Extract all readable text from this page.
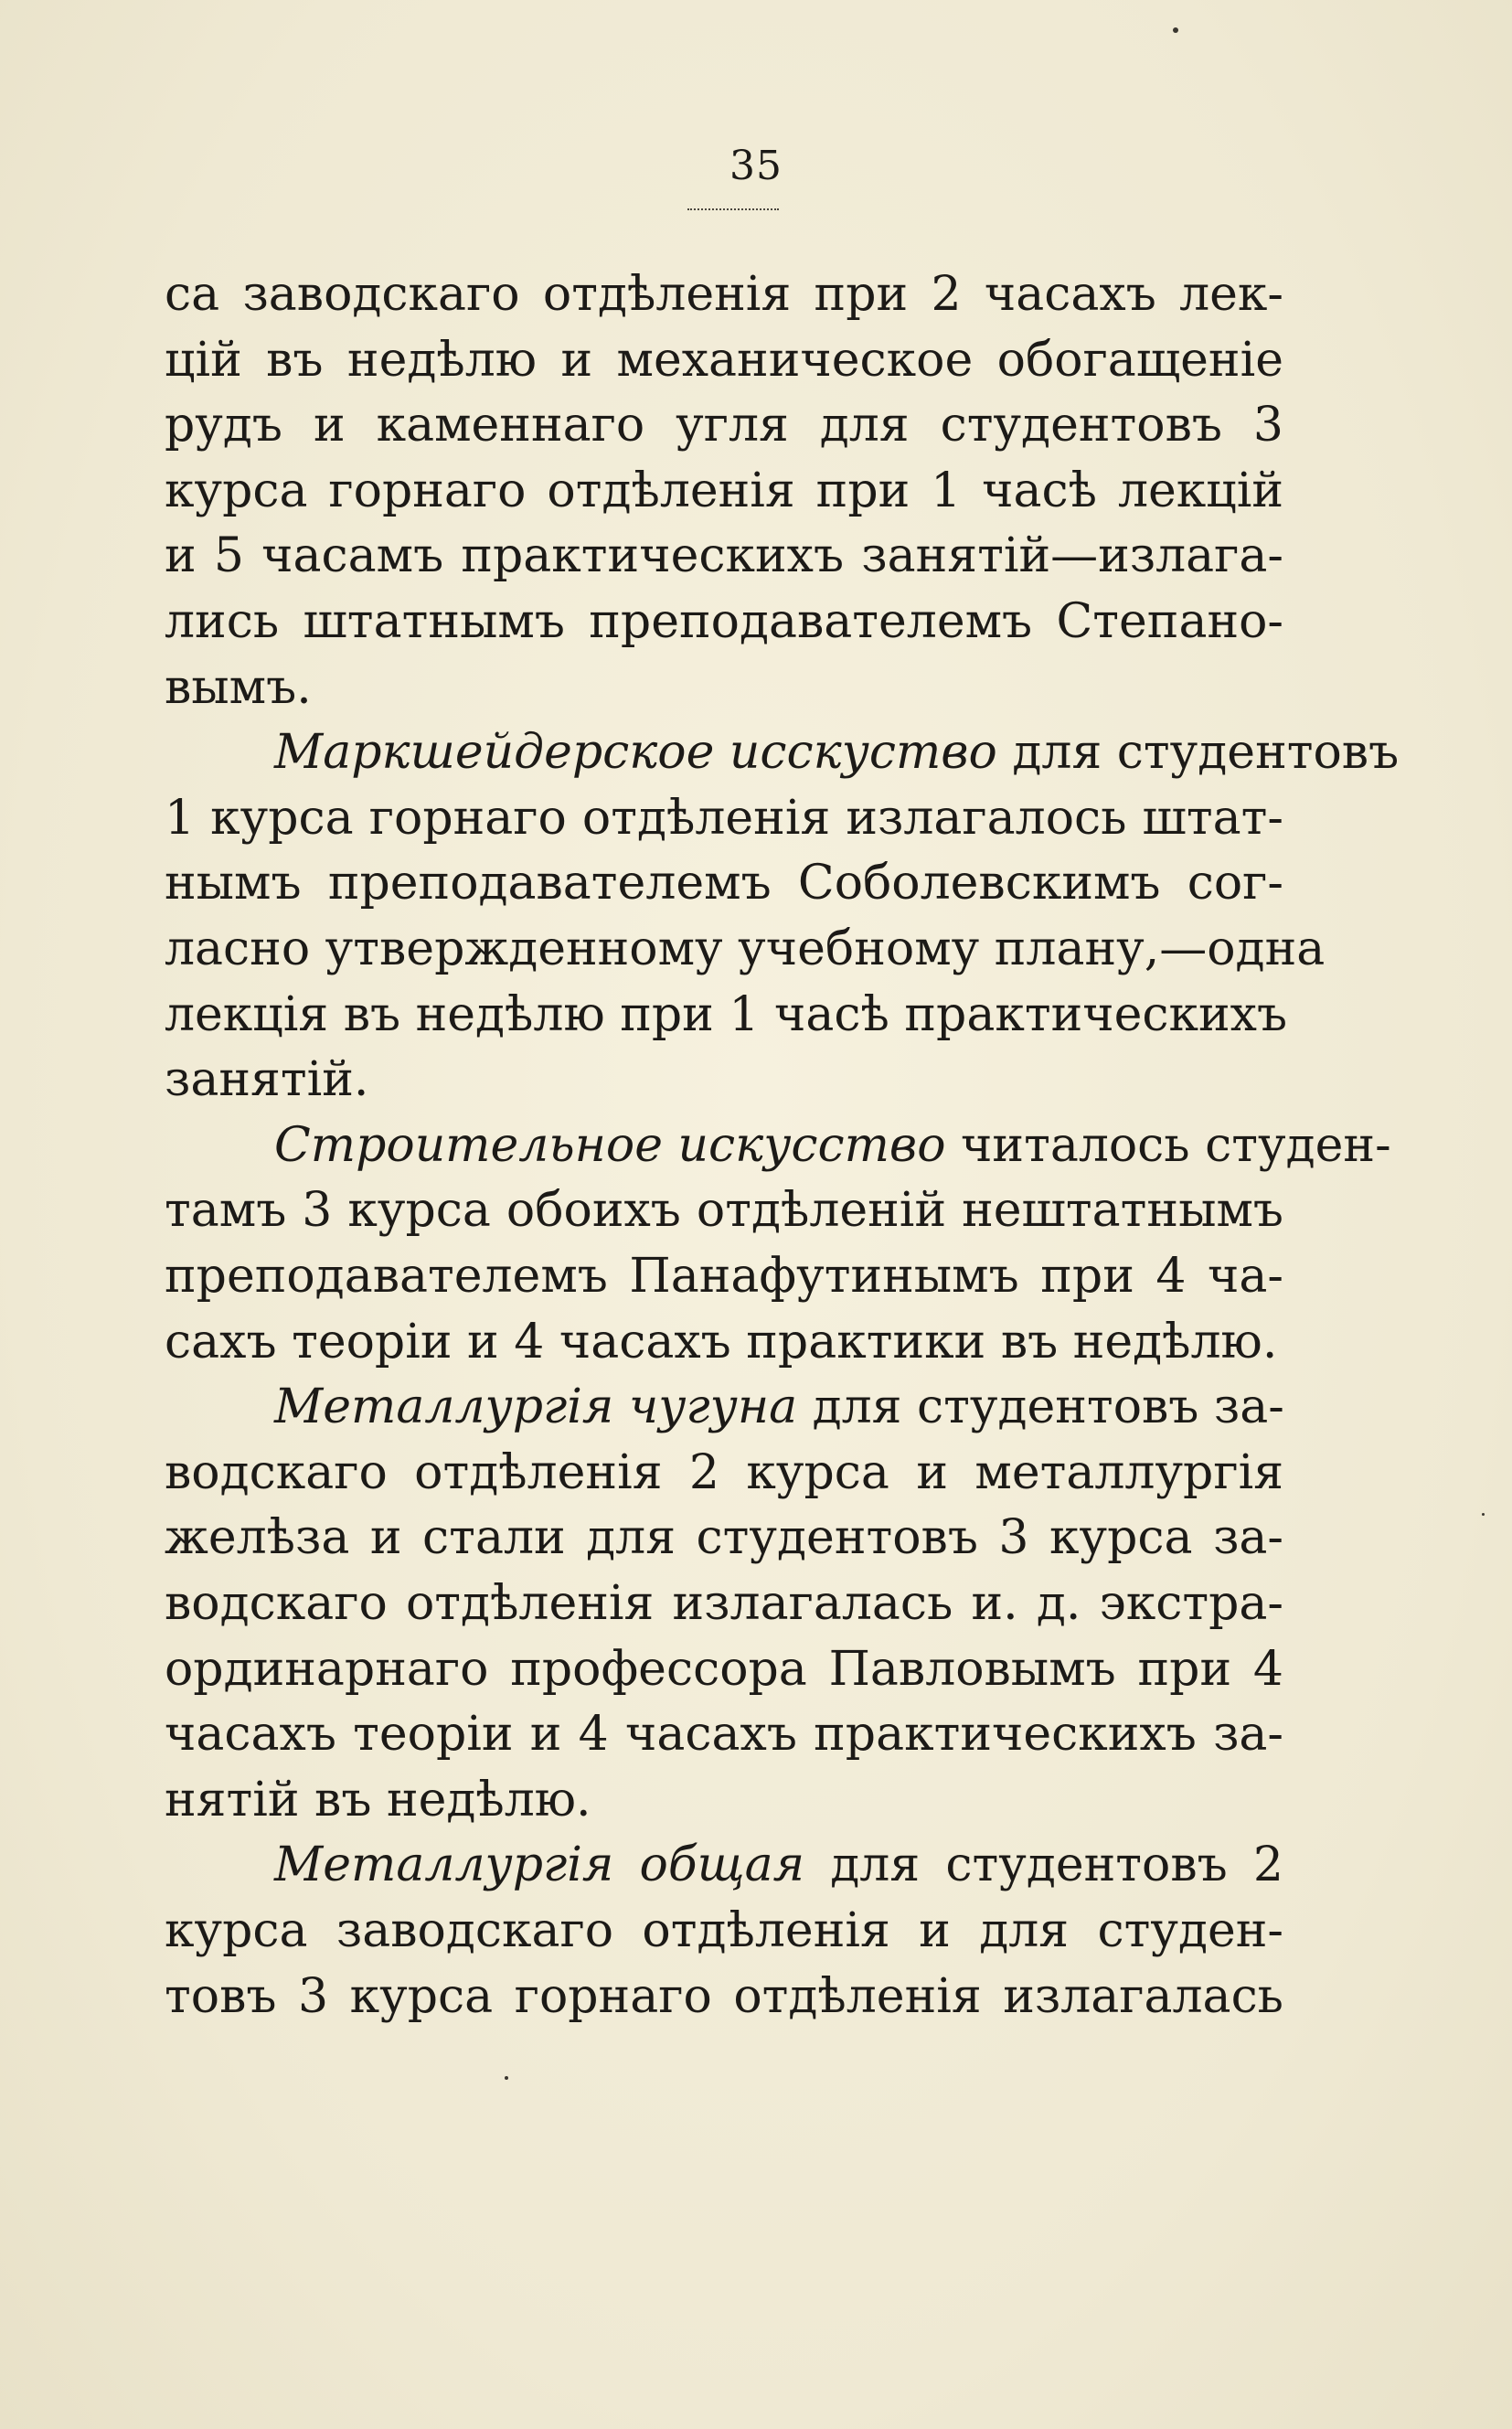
35
са заводскаго отдѣленія при 2 часахъ лек-
цій въ недѣлю и механическое обогащеніе
рудъ и каменнаго угля для студентовъ 3
курса горнаго отдѣленія при 1 часѣ лекцій
и 5 часамъ практическихъ занятій—излага-
лись штатнымъ преподавателемъ Степано-
вымъ.
Маркшейдерское исскуство для студентовъ
1 курса горнаго отдѣленія излагалось штат-
нымъ преподавателемъ Соболевскимъ сог-
ласно утвержденному учебному плану,—одна
лекція въ недѣлю при 1 часѣ практическихъ
занятій.
Строительное искусство читалось студен-
тамъ 3 курса обоихъ отдѣленій нештатнымъ
преподавателемъ Панафутинымъ при 4 ча-
сахъ теоріи и 4 часахъ практики въ недѣлю.
Металлургія чугуна для студентовъ за-
водскаго отдѣленія 2 курса и металлургія
желѣза и стали для студентовъ 3 курса за-
водскаго отдѣленія излагалась и. д. экстра-
ординарнаго профессора Павловымъ при 4
часахъ теоріи и 4 часахъ практическихъ за-
нятій въ недѣлю.
Металлургія общая для студентовъ 2
курса заводскаго отдѣленія и для студен-
товъ 3 курса горнаго отдѣленія излагалась
